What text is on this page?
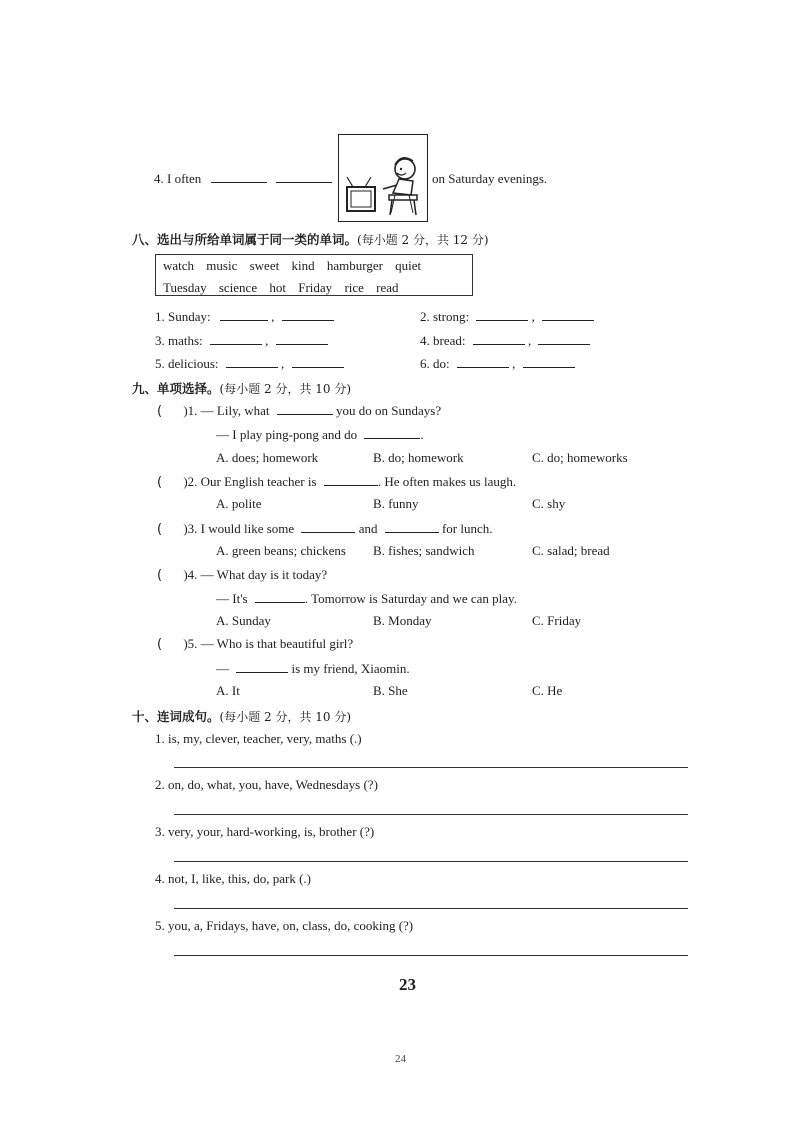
4. I often	on Saturday evenings.
八、选出与所给单词属于同一类的单词。(每小题 2 分，共 12 分)
watch music sweet kind hamburger quiet
Tuesday science hot Friday rice read
1. Sunday:	,	2. strong:	,
3. maths:	,	4. bread:	,
5. delicious:	,	6. do:	,
九、单项选择。(每小题 2 分，共 10 分)
( )1. — Lily, what	you do on Sundays?
— I play ping-pong and do	.
A. does; homework	B. do; homework	C. do; homeworks
( )2. Our English teacher is	. He often makes us laugh.
A. polite	B. funny	C. shy
( )3. I would like some	and	for lunch.
A. green beans; chickens B. fishes; sandwich	C. salad; bread
( )4. — What day is it today?
— It's	. Tomorrow is Saturday and we can play.
A. Sunday	B. Monday	C. Friday
( )5. — Who is that beautiful girl?
—	is my friend, Xiaomin.
A. It	B. She	C. He
十、连词成句。(每小题 2 分，共 10 分)
1. is, my, clever, teacher, very, maths (.)
2. on, do, what, you, have, Wednesdays (?)
3. very, your, hard-working, is, brother (?)
4. not, I, like, this, do, park (.)
5. you, a, Fridays, have, on, class, do, cooking (?)
23
24
